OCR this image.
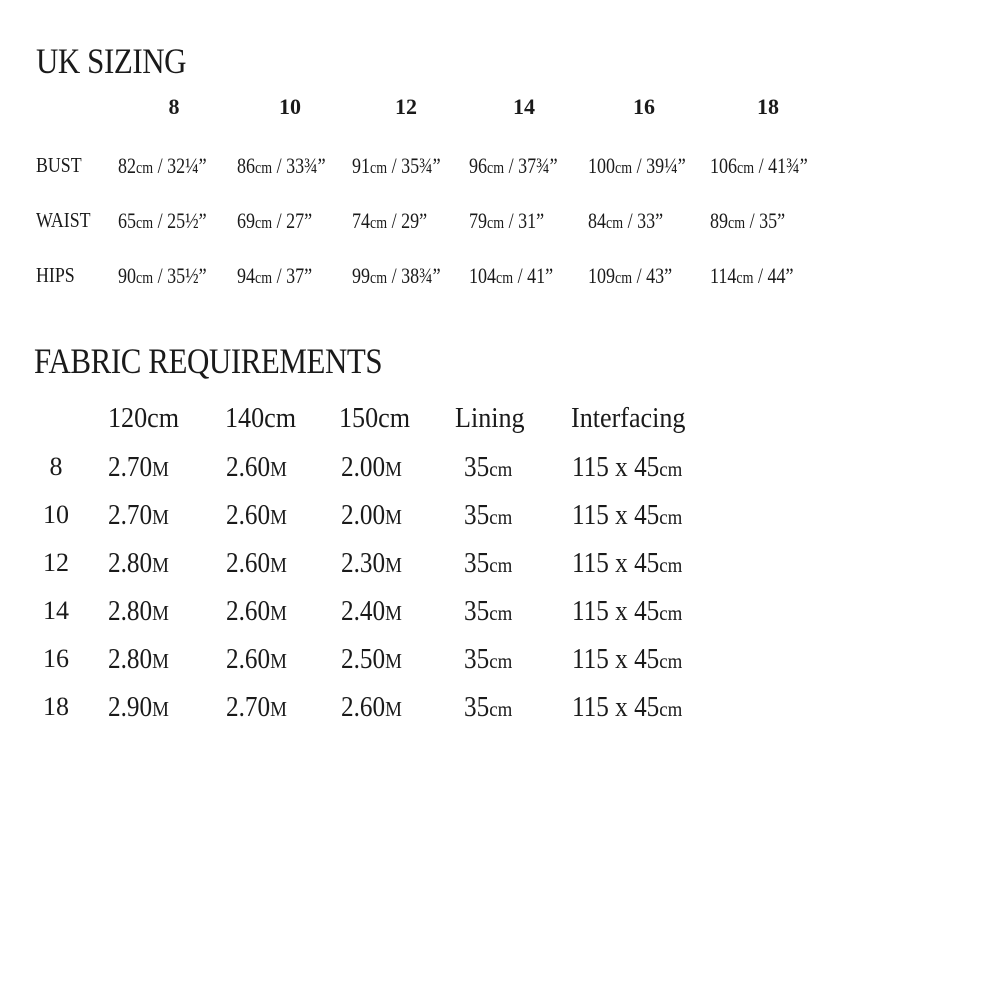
UK SIZING
8	10	12	14	16	18
BUST 82cm / 32¼” 86cm / 33¾” 91cm / 35¾” 96cm / 37¾” 100cm / 39¼” 106cm / 41¾”
WAIST 65cm / 25½” 69cm / 27” 74cm / 29” 79cm / 31” 84cm / 33” 89cm / 35”
HIPS 90cm / 35½” 94cm / 37” 99cm / 38¾” 104cm / 41” 109cm / 43” 114cm / 44”
FABRIC REQUIREMENTS
120cm 140cm 150cm Lining Interfacing
8	2.70M 2.60M 2.00M 35cm 115 x 45cm
10 2.70M 2.60M 2.00M 35cm 115 x 45cm
12 2.80M 2.60M 2.30M 35cm 115 x 45cm
14 2.80M 2.60M 2.40M 35cm 115 x 45cm
16 2.80M 2.60M 2.50M 35cm 115 x 45cm
18 2.90M 2.70M 2.60M 35cm 115 x 45cm
